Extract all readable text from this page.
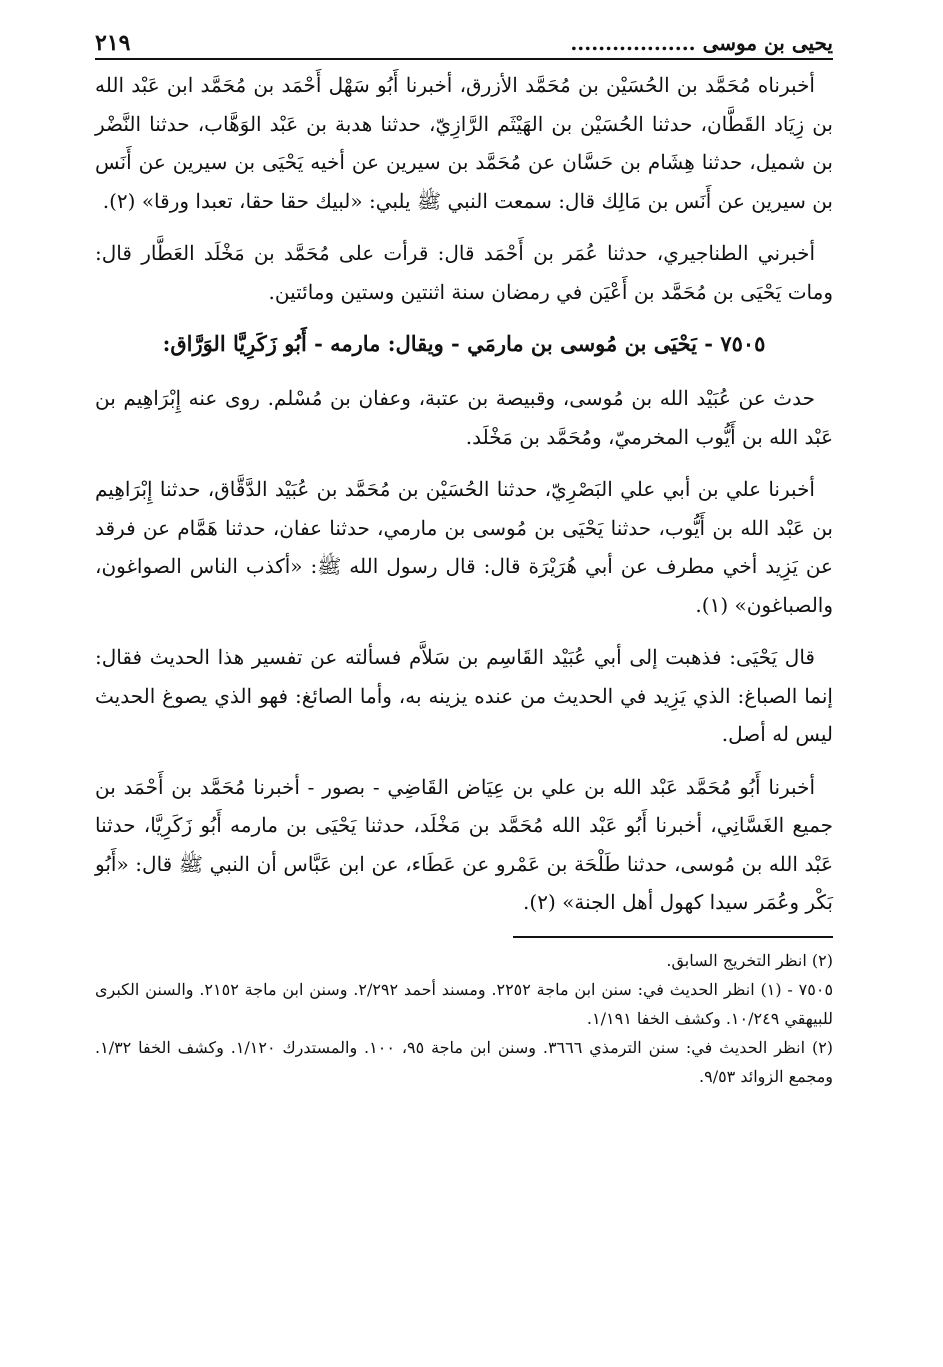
يحيى بن موسى ..................
٢١٩

أخبرناه مُحَمَّد بن الحُسَيْن بن مُحَمَّد الأزرق، أخبرنا أَبُو سَهْل أَحْمَد بن مُحَمَّد ابن عَبْد الله بن زِيَاد القَطَّان، حدثنا الحُسَيْن بن الهَيْثَم الرَّازِيّ، حدثنا هدبة بن عَبْد الوَهَّاب، حدثنا النَّضْر بن شميل، حدثنا هِشَام بن حَسَّان عن مُحَمَّد بن سيرين عن أخيه يَحْيَى بن سيرين عن أَنَس بن سيرين عن أَنَس بن مَالِك قال: سمعت النبي ﷺ يلبي: «لبيك حقا حقا، تعبدا ورقا» (٢).

أخبرني الطناجيري، حدثنا عُمَر بن أَحْمَد قال: قرأت على مُحَمَّد بن مَخْلَد العَطَّار قال: ومات يَحْيَى بن مُحَمَّد بن أَعْيَن في رمضان سنة اثنتين وستين ومائتين.

٧٥٠٥ - يَحْيَى بن مُوسى بن مارمَي - ويقال: مارمه - أَبُو زَكَرِيَّا الوَرَّاق:

حدث عن عُبَيْد الله بن مُوسى، وقبيصة بن عتبة، وعفان بن مُسْلم. روى عنه إِبْرَاهِيم بن عَبْد الله بن أَيُّوب المخرميّ، ومُحَمَّد بن مَخْلَد.

أخبرنا علي بن أبي علي البَصْرِيّ، حدثنا الحُسَيْن بن مُحَمَّد بن عُبَيْد الدَّقَّاق، حدثنا إِبْرَاهِيم بن عَبْد الله بن أَيُّوب، حدثنا يَحْيَى بن مُوسى بن مارمي، حدثنا عفان، حدثنا هَمَّام عن فرقد عن يَزِيد أخي مطرف عن أبي هُرَيْرَة قال: قال رسول الله ﷺ: «أكذب الناس الصواغون، والصباغون» (١).

قال يَحْيَى: فذهبت إلى أبي عُبَيْد القَاسِم بن سَلاَّم فسألته عن تفسير هذا الحديث فقال: إنما الصباغ: الذي يَزِيد في الحديث من عنده يزينه به، وأما الصائغ: فهو الذي يصوغ الحديث ليس له أصل.

أخبرنا أَبُو مُحَمَّد عَبْد الله بن علي بن عِيَاض القَاضِي - بصور - أخبرنا مُحَمَّد بن أَحْمَد بن جميع الغَسَّانِي، أخبرنا أَبُو عَبْد الله مُحَمَّد بن مَخْلَد، حدثنا يَحْيَى بن مارمه أَبُو زَكَرِيَّا، حدثنا عَبْد الله بن مُوسى، حدثنا طَلْحَة بن عَمْرو عن عَطَاء، عن ابن عَبَّاس أن النبي ﷺ قال: «أَبُو بَكْر وعُمَر سيدا كهول أهل الجنة» (٢).

(٢) انظر التخريج السابق.

٧٥٠٥ - (١) انظر الحديث في: سنن ابن ماجة ٢٢٥٢. ومسند أحمد ٢/٢٩٢. وسنن ابن ماجة ٢١٥٢. والسنن الكبرى للبيهقي ١٠/٢٤٩. وكشف الخفا ١/١٩١.

(٢) انظر الحديث في: سنن الترمذي ٣٦٦٦. وسنن ابن ماجة ٩٥، ١٠٠. والمستدرك ١/١٢٠. وكشف الخفا ١/٣٢. ومجمع الزوائد ٩/٥٣.
